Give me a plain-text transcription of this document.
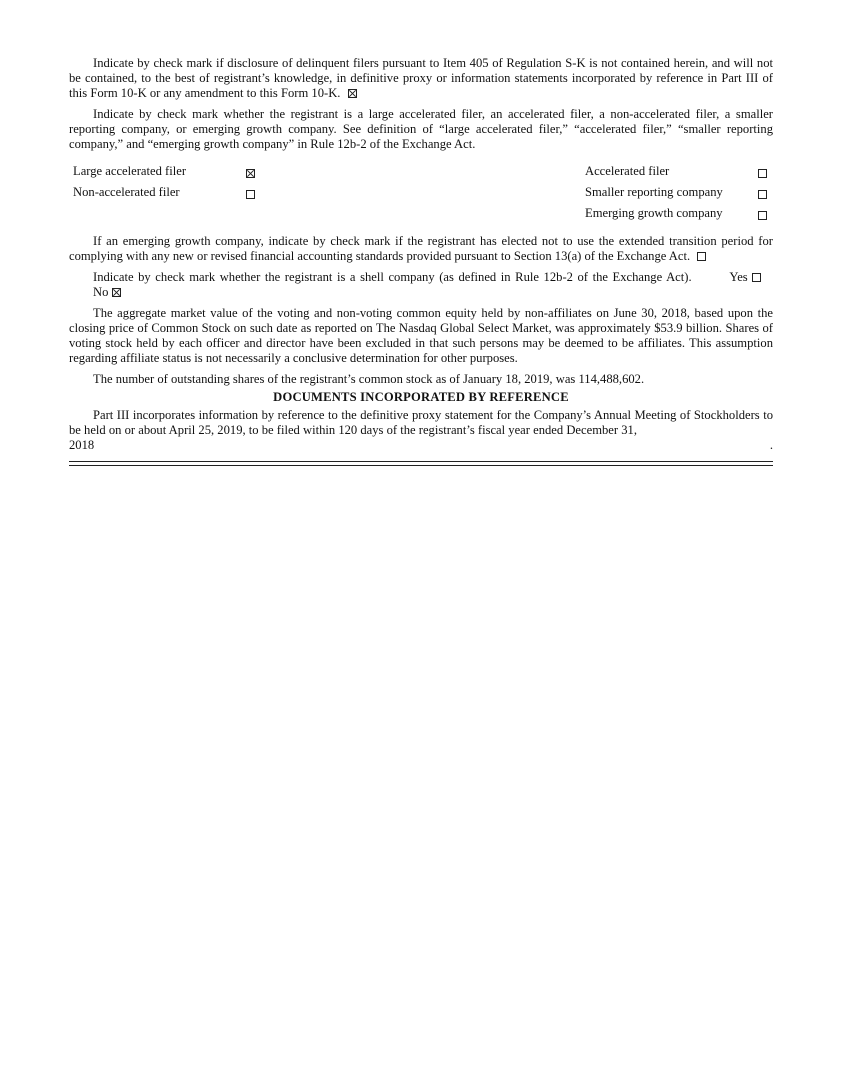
Indicate by check mark if disclosure of delinquent filers pursuant to Item 405 of Regulation S-K is not contained herein, and will not be contained, to the best of registrant’s knowledge, in definitive proxy or information statements incorporated by reference in Part III of this Form 10-K or any amendment to this Form 10-K.

Indicate by check mark whether the registrant is a large accelerated filer, an accelerated filer, a non-accelerated filer, a smaller reporting company, or emerging growth company. See definition of “large accelerated filer,” “accelerated filer,” “smaller reporting company,” and “emerging growth company” in Rule 12b-2 of the Exchange Act.

Large accelerated filer
Non-accelerated filer
Accelerated filer
Smaller reporting company
Emerging growth company

If an emerging growth company, indicate by check mark if the registrant has elected not to use the extended transition period for complying with any new or revised financial accounting standards provided pursuant to Section 13(a) of the Exchange Act.

Indicate by check mark whether the registrant is a shell company (as defined in Rule 12b-2 of the Exchange Act).	Yes   No

The aggregate market value of the voting and non-voting common equity held by non-affiliates on June 30, 2018, based upon the closing price of Common Stock on such date as reported on The Nasdaq Global Select Market, was approximately $53.9 billion. Shares of voting stock held by each officer and director have been excluded in that such persons may be deemed to be affiliates. This assumption regarding affiliate status is not necessarily a conclusive determination for other purposes.

The number of outstanding shares of the registrant’s common stock as of January 18, 2019, was 114,488,602.

DOCUMENTS INCORPORATED BY REFERENCE

Part III incorporates information by reference to the definitive proxy statement for the Company’s Annual Meeting of Stockholders to be held on or about April 25, 2019, to be filed within 120 days of the registrant’s fiscal year ended December 31,

2018	.
